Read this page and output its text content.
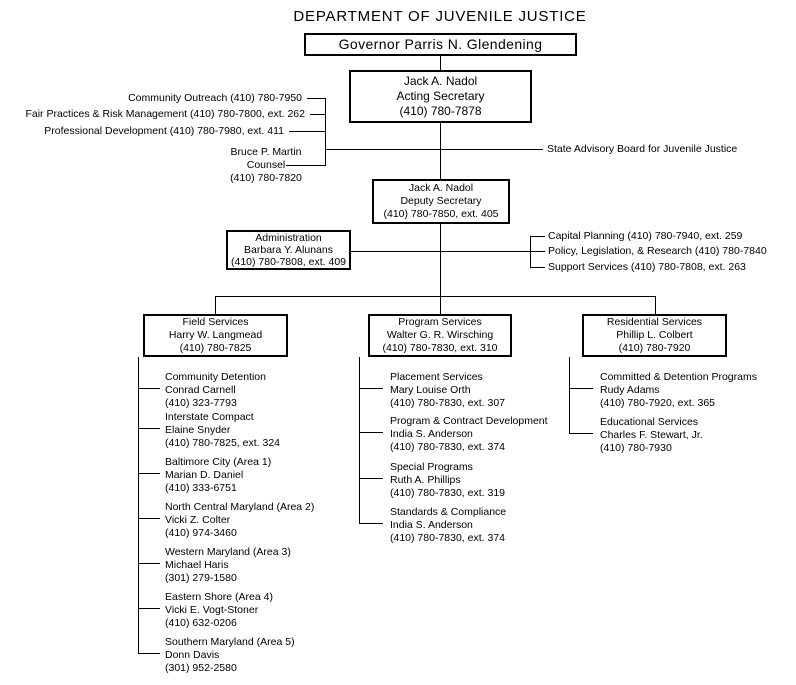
DEPARTMENT OF JUVENILE JUSTICE
Governor Parris N. Glendening
Jack A. Nadol
Acting Secretary
(410) 780-7878
Jack A. Nadol
Deputy Secretary
(410) 780-7850, ext. 405
Administration
Barbara Y. Alunans
(410) 780-7808, ext. 409
Field Services
Harry W. Langmead
(410) 780-7825
Program Services
Walter G. R. Wirsching
(410) 780-7830, ext. 310
Residential Services
Phillip L. Colbert
(410) 780-7920
Community Outreach (410) 780-7950
Fair Practices & Risk Management (410) 780-7800, ext. 262
Professional Development (410) 780-7980, ext. 411
Bruce P. Martin
Counsel
(410) 780-7820
State Advisory Board for Juvenile Justice
Capital Planning (410) 780-7940, ext. 259
Policy, Legislation, & Research (410) 780-7840
Support Services (410) 780-7808, ext. 263
Community Detention
Conrad Carnell
(410) 323-7793
Interstate Compact
Elaine Snyder
(410) 780-7825, ext. 324
Baltimore City (Area 1)
Marian D. Daniel
(410) 333-6751
North Central Maryland (Area 2)
Vicki Z. Colter
(410) 974-3460
Western Maryland (Area 3)
Michael Haris
(301) 279-1580
Eastern Shore (Area 4)
Vicki E. Vogt-Stoner
(410) 632-0206
Southern Maryland (Area 5)
Donn Davis
(301) 952-2580
Placement Services
Mary Louise Orth
(410) 780-7830, ext. 307
Program & Contract Development
India S. Anderson
(410) 780-7830, ext. 374
Special Programs
Ruth A. Phillips
(410) 780-7830, ext. 319
Standards & Compliance
India S. Anderson
(410) 780-7830, ext. 374
Committed & Detention Programs
Rudy Adams
(410) 780-7920, ext. 365
Educational Services
Charles F. Stewart, Jr.
(410) 780-7930
